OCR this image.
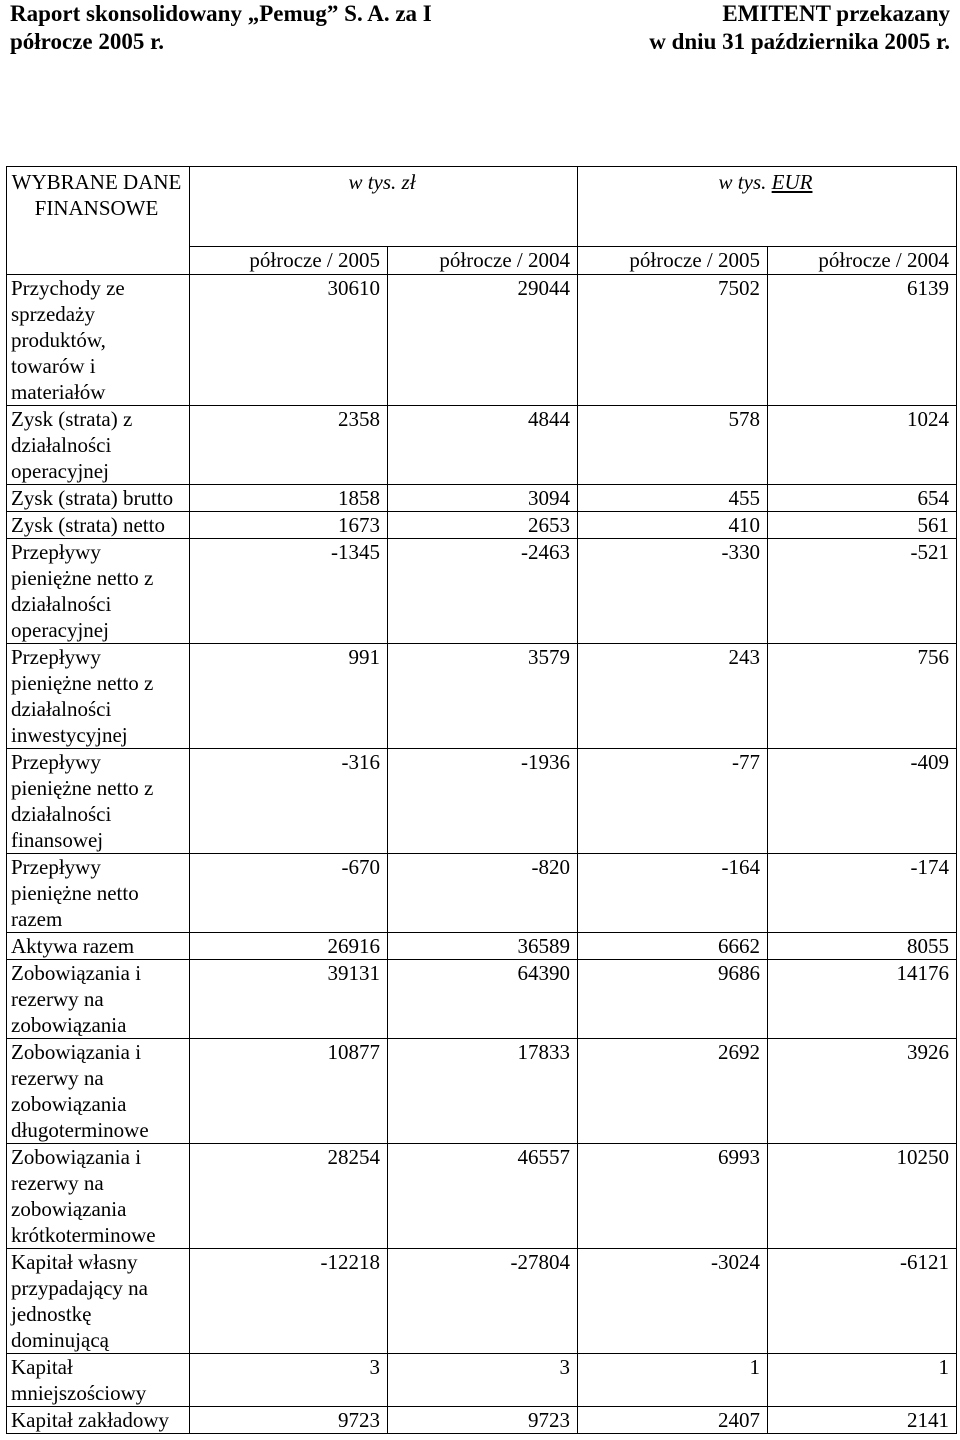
Raport skonsolidowany „Pemug” S. A. za I
półrocze 2005 r.
EMITENT przekazany
w dniu 31 października 2005 r.
WYBRANE DANE FINANSOWE	w tys. zł		w tys. EUR	
	półrocze / 2005	półrocze / 2004	półrocze / 2005	półrocze / 2004
Przychody ze sprzedaży produktów, towarów i materiałów	30610	29044	7502	6139
Zysk (strata) z działalności operacyjnej	2358	4844	578	1024
Zysk (strata) brutto	1858	3094	455	654
Zysk (strata) netto	1673	2653	410	561
Przepływy pieniężne netto z działalności operacyjnej	-1345	-2463	-330	-521
Przepływy pieniężne netto z działalności inwestycyjnej	991	3579	243	756
Przepływy pieniężne netto z działalności finansowej	-316	-1936	-77	-409
Przepływy pieniężne netto razem	-670	-820	-164	-174
Aktywa razem	26916	36589	6662	8055
Zobowiązania i rezerwy na zobowiązania	39131	64390	9686	14176
Zobowiązania i rezerwy na zobowiązania długoterminowe	10877	17833	2692	3926
Zobowiązania i rezerwy na zobowiązania krótkoterminowe	28254	46557	6993	10250
Kapitał własny przypadający na jednostkę dominującą	-12218	-27804	-3024	-6121
Kapitał mniejszościowy	3	3	1	1
Kapitał zakładowy	9723	9723	2407	2141
